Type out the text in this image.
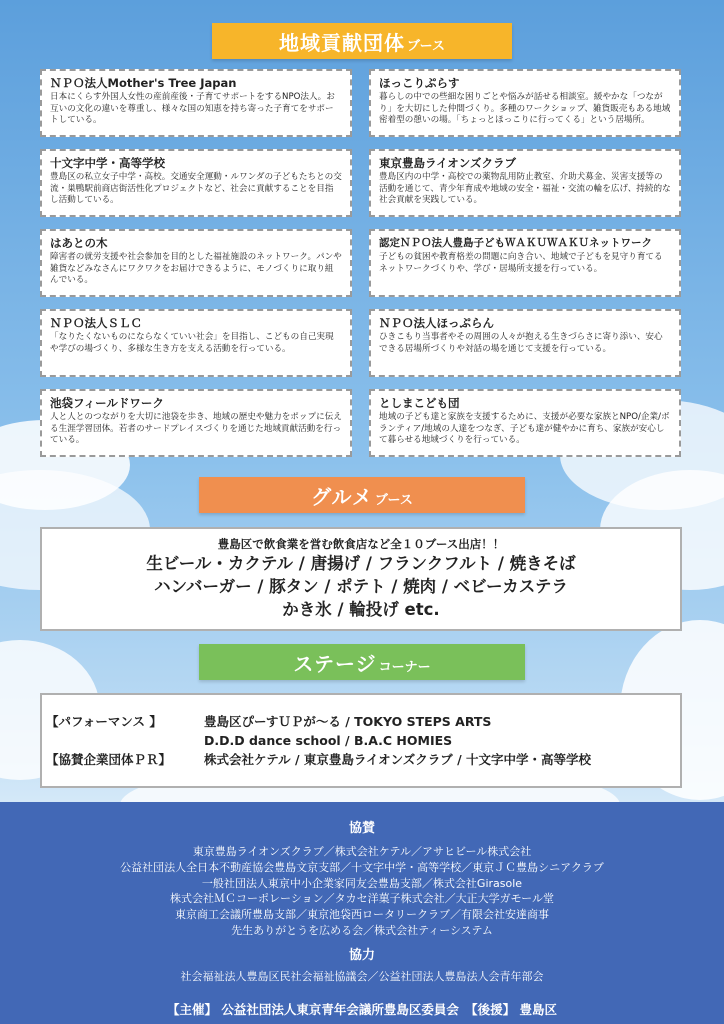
地域貢献団体 ブース
ＮＰＯ法人Mother's Tree Japan
日本にくらす外国人女性の産前産後・子育てサポートをするNPO法人。お互いの文化の違いを尊重し、様々な国の知恵を持ち寄った子育てをサポートしている。
ほっこりぷらす
暮らしの中での些細な困りごとや悩みが話せる相談室。緩やかな「つながり」を大切にした仲間づくり。多種のワークショップ、雑貨販売もある地域密着型の憩いの場。「ちょっとほっこりに行ってくる」という居場所。
十文字中学・高等学校
豊島区の私立女子中学・高校。交通安全運動・ルワンダの子どもたちとの交流・巣鴨駅前商店街活性化プロジェクトなど、社会に貢献することを目指し活動している。
東京豊島ライオンズクラブ
豊島区内の中学・高校での薬物乱用防止教室、介助犬募金、災害支援等の活動を通じて、青少年育成や地域の安全・福祉・交流の輪を広げ、持続的な社会貢献を実践している。
はあとの木
障害者の就労支援や社会参加を目的とした福祉施設のネットワーク。パンや雑貨などみなさんにワクワクをお届けできるように、モノづくりに取り組んでいる。
認定ＮＰＯ法人豊島子どもＷＡＫＵＷＡＫＵネットワーク
子どもの貧困や教育格差の問題に向き合い、地域で子どもを見守り育てるネットワークづくりや、学び・居場所支援を行っている。
ＮＰＯ法人ＳＬＣ
「なりたくないものにならなくていい社会」を目指し、こどもの自己実現や学びの場づくり、多様な生き方を支える活動を行っている。
ＮＰＯ法人ほっぷらん
ひきこもり当事者やその周囲の人々が抱える生きづらさに寄り添い、安心できる居場所づくりや対話の場を通じて支援を行っている。
池袋フィールドワーク
人と人とのつながりを大切に池袋を歩き、地域の歴史や魅力をポップに伝える生涯学習団体。若者のサードプレイスづくりを通じた地域貢献活動を行っている。
としまこども団
地域の子ども達と家族を支援するために、支援が必要な家族とNPO/企業/ボランティア/地域の人達をつなぎ、子ども達が健やかに育ち、家族が安心して暮らせる地域づくりを行っている。
グルメ ブース
豊島区で飲食業を営む飲食店など全１０ブース出店！！
生ビール・カクテル / 唐揚げ / フランクフルト / 焼きそば
ハンバーガー / 豚タン / ポテト / 焼肉 / ベビーカステラ
かき氷 / 輪投げ etc.
ステージ コーナー
【パフォーマンス 】	豊島区ぴーすＵＰが〜る / TOKYO STEPS ARTS
D.D.D dance school / B.A.C HOMIES
【協賛企業団体ＰＲ】	株式会社ケテル / 東京豊島ライオンズクラブ / 十文字中学・高等学校
協賛
東京豊島ライオンズクラブ／株式会社ケテル／アサヒビール株式会社
公益社団法人全日本不動産協会豊島文京支部／十文字中学・高等学校／東京ＪＣ豊島シニアクラブ
一般社団法人東京中小企業家同友会豊島支部／株式会社Girasole
株式会社ＭＣコーポレーション／タカセ洋菓子株式会社／大正大学ガモール堂
東京商工会議所豊島支部／東京池袋西ロータリークラブ／有限会社安達商事
先生ありがとうを広める会／株式会社ティーシステム
協力
社会福祉法人豊島区民社会福祉協議会／公益社団法人豊島法人会青年部会
【主催】 公益社団法人東京青年会議所豊島区委員会　【後援】 豊島区
